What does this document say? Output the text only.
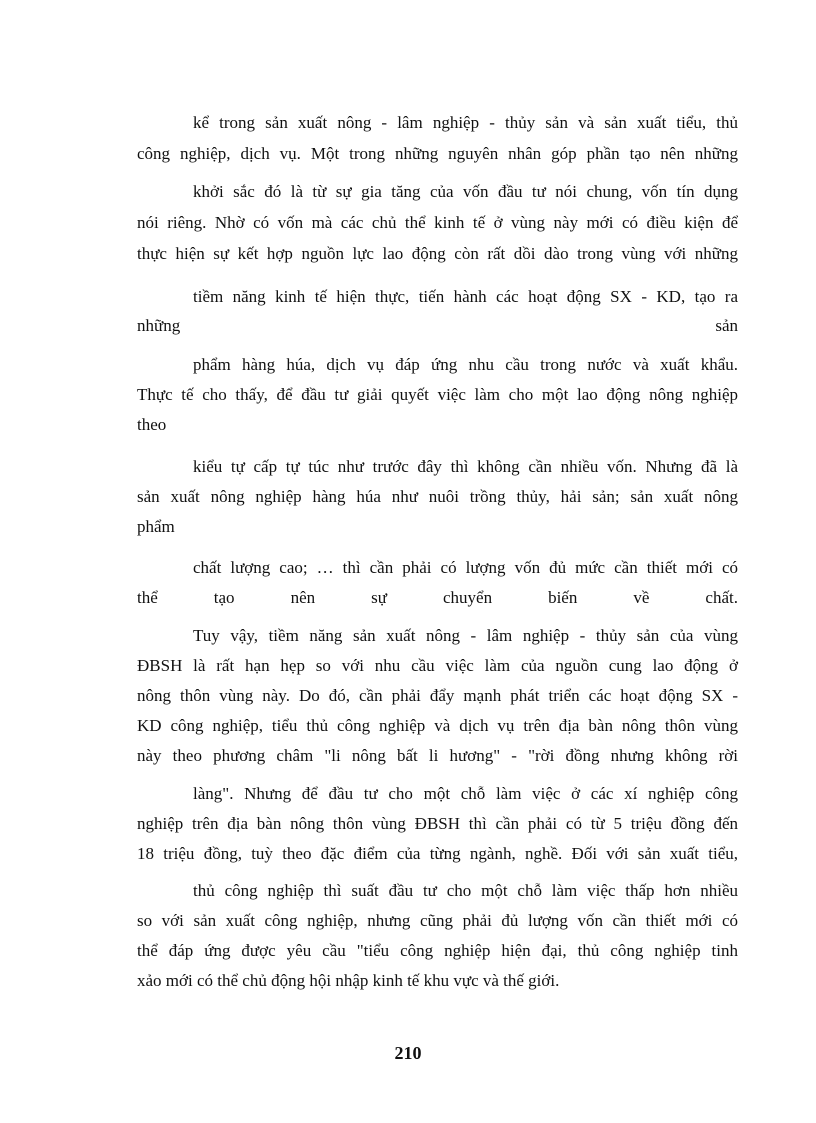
kể trong sản xuất nông - lâm nghiệp - thủy sản và sản xuất tiểu, thủ
công nghiệp, dịch vụ. Một trong những nguyên nhân góp phần tạo nên những
khởi sắc đó là từ sự gia tăng của vốn đầu tư nói chung, vốn tín dụng
nói riêng. Nhờ có vốn mà các chủ thể kinh tế ở vùng này mới có điều kiện để
thực hiện sự kết hợp nguồn lực lao động còn rất dồi dào trong vùng với những
tiềm năng kinh tế hiện thực, tiến hành các hoạt động SX - KD, tạo ra
những sản
phẩm hàng húa, dịch vụ đáp ứng nhu cầu trong nước và xuất khẩu.
Thực tế cho thấy, để đầu tư giải quyết việc làm cho một lao động nông nghiệp
theo
kiểu tự cấp tự túc như trước đây thì không cần nhiều vốn. Nhưng đã là
sản xuất nông nghiệp hàng húa như nuôi trồng thủy, hải sản; sản xuất nông
phẩm
chất lượng cao; … thì cần phải có lượng vốn đủ mức cần thiết mới có
thể tạo nên sự chuyển biến về chất.
Tuy vậy, tiềm năng sản xuất nông - lâm nghiệp - thủy sản của vùng
ĐBSH là rất hạn hẹp so với nhu cầu việc làm của nguồn cung lao động ở
nông thôn vùng này. Do đó, cần phải đẩy mạnh phát triển các hoạt động SX -
KD công nghiệp, tiểu thủ công nghiệp và dịch vụ trên địa bàn nông thôn vùng
này theo phương châm "li nông bất li hương" - "rời đồng nhưng không rời
làng". Nhưng để đầu tư cho một chỗ làm việc ở các xí nghiệp công
nghiệp trên địa bàn nông thôn vùng ĐBSH thì cần phải có từ 5 triệu đồng đến
18 triệu đồng, tuỳ theo đặc điểm của từng ngành, nghề. Đối với sản xuất tiểu,
thủ công nghiệp thì suất đầu tư cho một chỗ làm việc thấp hơn nhiều
so với sản xuất công nghiệp, nhưng cũng phải đủ lượng vốn cần thiết mới có
thể đáp ứng được yêu cầu "tiểu công nghiệp hiện đại, thủ công nghiệp tinh
xảo mới có thể chủ động hội nhập kinh tế khu vực và thế giới.
210
